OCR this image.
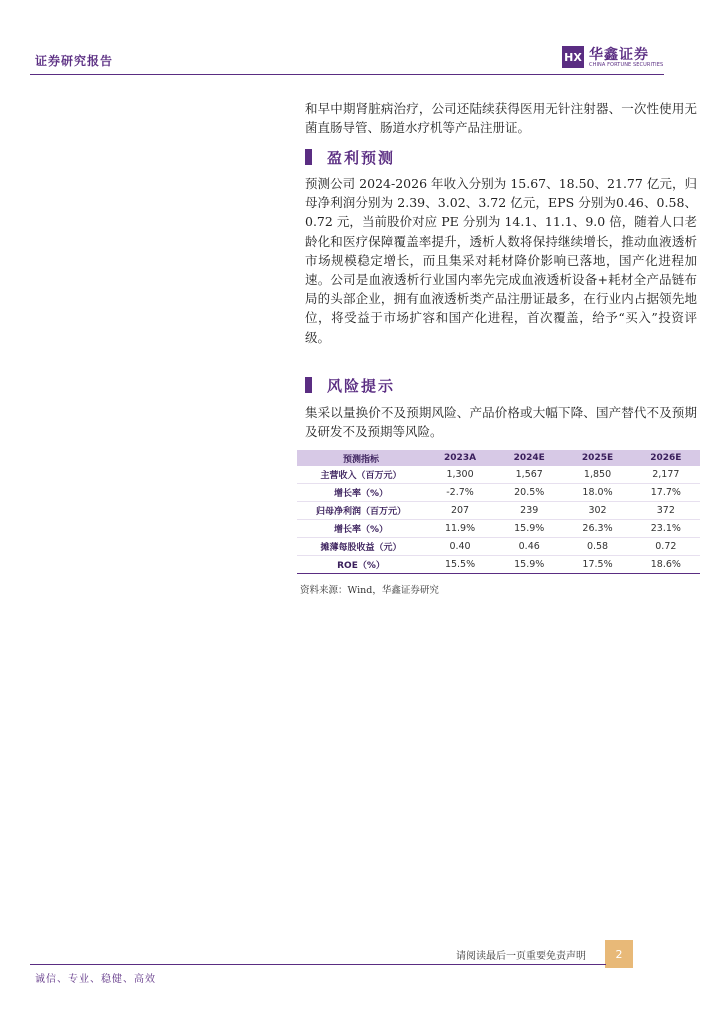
证券研究报告	HX 华鑫证券
CHINA FORTUNE SECURITIES

和早中期肾脏病治疗，公司还陆续获得医用无针注射器、一次性使用无菌直肠导管、肠道水疗机等产品注册证。

盈利预测

预测公司 2024-2026 年收入分别为 15.67、18.50、21.77 亿元，归母净利润分别为 2.39、3.02、3.72 亿元，EPS 分别为0.46、0.58、0.72 元，当前股价对应 PE 分别为 14.1、11.1、9.0 倍，随着人口老龄化和医疗保障覆盖率提升，透析人数将保持继续增长，推动血液透析市场规模稳定增长，而且集采对耗材降价影响已落地，国产化进程加速。公司是血液透析行业国内率先完成血液透析设备+耗材全产品链布局的头部企业，拥有血液透析类产品注册证最多，在行业内占据领先地位，将受益于市场扩容和国产化进程，首次覆盖，给予“买入”投资评级。

风险提示

集采以量换价不及预期风险、产品价格或大幅下降、国产替代不及预期及研发不及预期等风险。

预测指标	2023A	2024E	2025E	2026E
主营收入（百万元）	1,300	1,567	1,850	2,177
增长率（%）	-2.7%	20.5%	18.0%	17.7%
归母净利润（百万元）	207	239	302	372
增长率（%）	11.9%	15.9%	26.3%	23.1%
摊薄每股收益（元）	0.40	0.46	0.58	0.72
ROE（%）	15.5%	15.9%	17.5%	18.6%
资料来源：Wind，华鑫证券研究
请阅读最后一页重要免责声明	2
诚信、专业、稳健、高效
